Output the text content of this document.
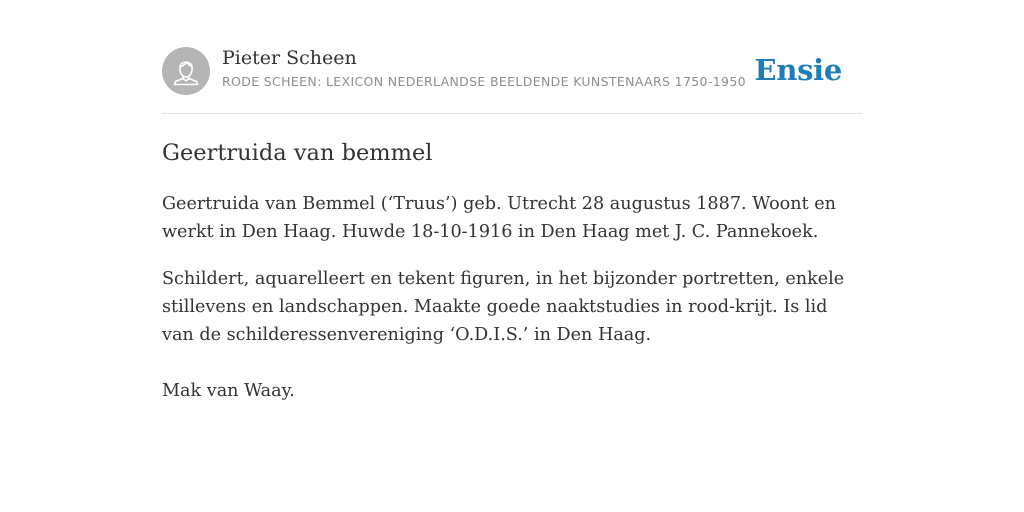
Pieter Scheen
RODE SCHEEN: LEXICON NEDERLANDSE BEELDENDE KUNSTENAARS 1750-1950 Ensie
Geertruida van bemmel

Geertruida van Bemmel (‘Truus’) geb. Utrecht 28 augustus 1887. Woont en werkt in Den Haag. Huwde 18-10-1916 in Den Haag met J. C. Pannekoek.

Schildert, aquarelleert en tekent figuren, in het bijzonder portretten, enkele stillevens en landschappen. Maakte goede naaktstudies in rood-krijt. Is lid van de schilderessenvereniging ‘O.D.I.S.’ in Den Haag.

Mak van Waay.
